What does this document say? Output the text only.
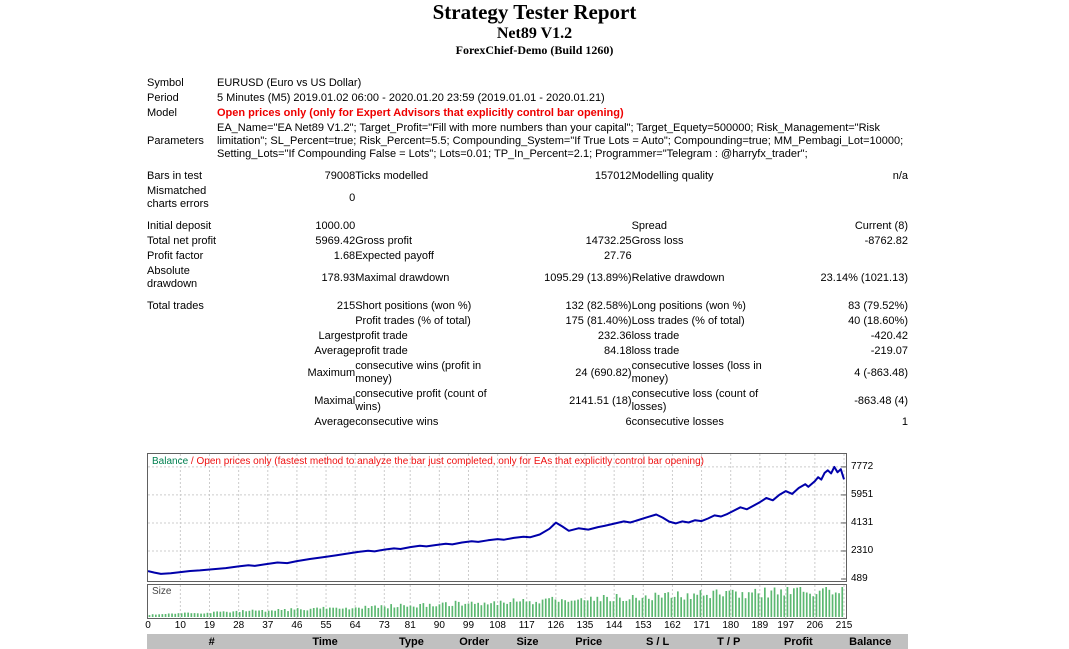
Strategy Tester Report
Net89 V1.2
ForexChief-Demo (Build 1260)
Symbol	EURUSD (Euro vs US Dollar)				
Period	5 Minutes (M5) 2019.01.02 06:00 - 2020.01.20 23:59 (2019.01.01 - 2020.01.21)				
Model	Open prices only (only for Expert Advisors that explicitly control bar opening)				
Parameters	EA_Name="EA Net89 V1.2"; Target_Profit="Fill with more numbers than your capital"; Target_Equety=500000; Risk_Management="Risk limitation"; SL_Percent=true; Risk_Percent=5.5; Compounding_System="If True Lots = Auto"; Compounding=true; MM_Pembagi_Lot=10000; Setting_Lots="If Compounding False = Lots"; Lots=0.01; TP_In_Percent=2.1; Programmer="Telegram : @harryfx_trader";				

Bars in test	79008	Ticks modelled	157012	Modelling quality	n/a
Mismatched charts errors	0				

Initial deposit	1000.00			Spread	Current (8)
Total net profit	5969.42	Gross profit	14732.25	Gross loss	-8762.82
Profit factor	1.68	Expected payoff	27.76		
Absolute drawdown	178.93	Maximal drawdown	1095.29 (13.89%)	Relative drawdown	23.14% (1021.13)

Total trades	215	Short positions (won %)	132 (82.58%)	Long positions (won %)	83 (79.52%)
		Profit trades (% of total)	175 (81.40%)	Loss trades (% of total)	40 (18.60%)
	Largest	profit trade	232.36	loss trade	-420.42
	Average	profit trade	84.18	loss trade	-219.07
	Maximum	consecutive wins (profit in money)	24 (690.82)	consecutive losses (loss in money)	4 (-863.48)
	Maximal	consecutive profit (count of wins)	2141.51 (18)	consecutive loss (count of losses)	-863.48 (4)
	Average	consecutive wins	6	consecutive losses	1
Balance / Open prices only (fastest method to analyze the bar just completed, only for EAs that explicitly control bar opening)	7772
5951
4131
2310
489
Size
0 10 19 28 37 46 55 64 73 81 90 99 108 117 126 135 144 153 162 171 180 189 197 206 215
#	Time	Type	Order	Size	Price	S / L	T / P	Profit	Balance
